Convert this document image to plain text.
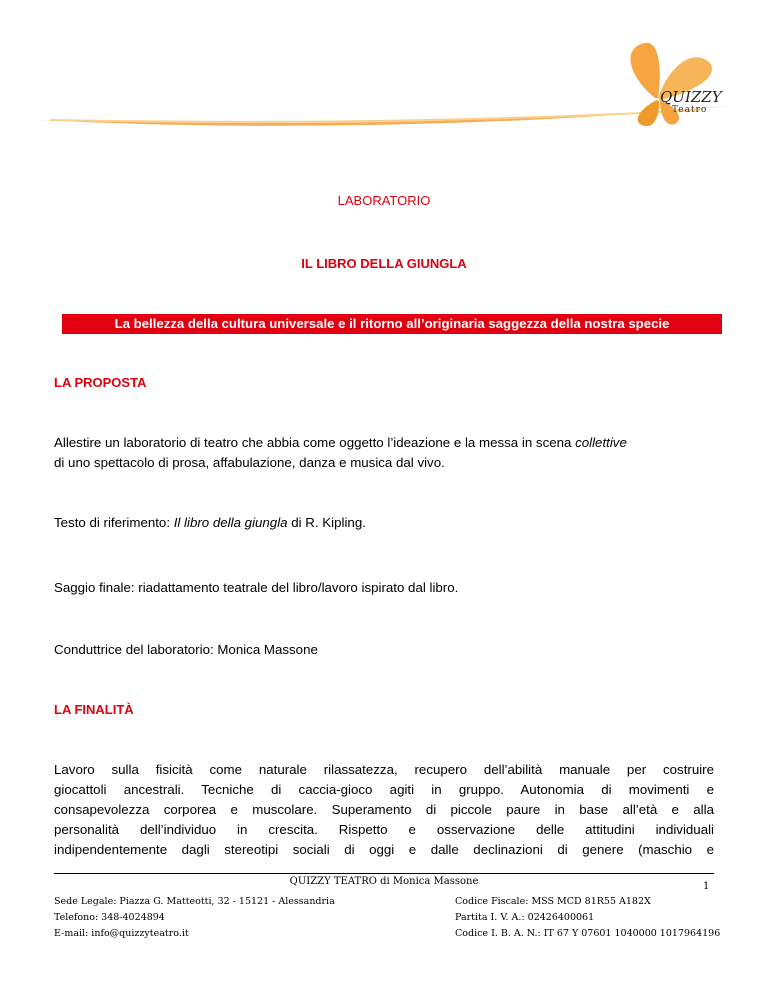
QUIZZY
Teatro
LABORATORIO
IL LIBRO DELLA GIUNGLA
La bellezza della cultura universale e il ritorno all’originaria saggezza della nostra specie
LA PROPOSTA
Allestire un laboratorio di teatro che abbia come oggetto l’ideazione e la messa in scena collettive
di uno spettacolo di prosa, affabulazione, danza e musica dal vivo.
Testo di riferimento: Il libro della giungla di R. Kipling.
Saggio finale: riadattamento teatrale del libro/lavoro ispirato dal libro.
Conduttrice del laboratorio: Monica Massone
LA FINALITÀ
Lavoro sulla fisicità come naturale rilassatezza, recupero dell’abilità manuale per costruire
giocattoli ancestrali. Tecniche di caccia-gioco agiti in gruppo. Autonomia di movimenti e
consapevolezza corporea e muscolare. Superamento di piccole paure in base all’età e alla
personalità dell’individuo in crescita. Rispetto e osservazione delle attitudini individuali
indipendentemente dagli stereotipi sociali di oggi e dalle declinazioni di genere (maschio e
QUIZZY TEATRO di Monica Massone	1
Sede Legale: Piazza G. Matteotti, 32 - 15121 - Alessandria
Telefono: 348-4024894
E-mail: info@quizzyteatro.it
Codice Fiscale: MSS MCD 81R55 A182X
Partita I. V. A.: 02426400061
Codice I. B. A. N.: IT 67 Y 07601 1040000 1017964196
